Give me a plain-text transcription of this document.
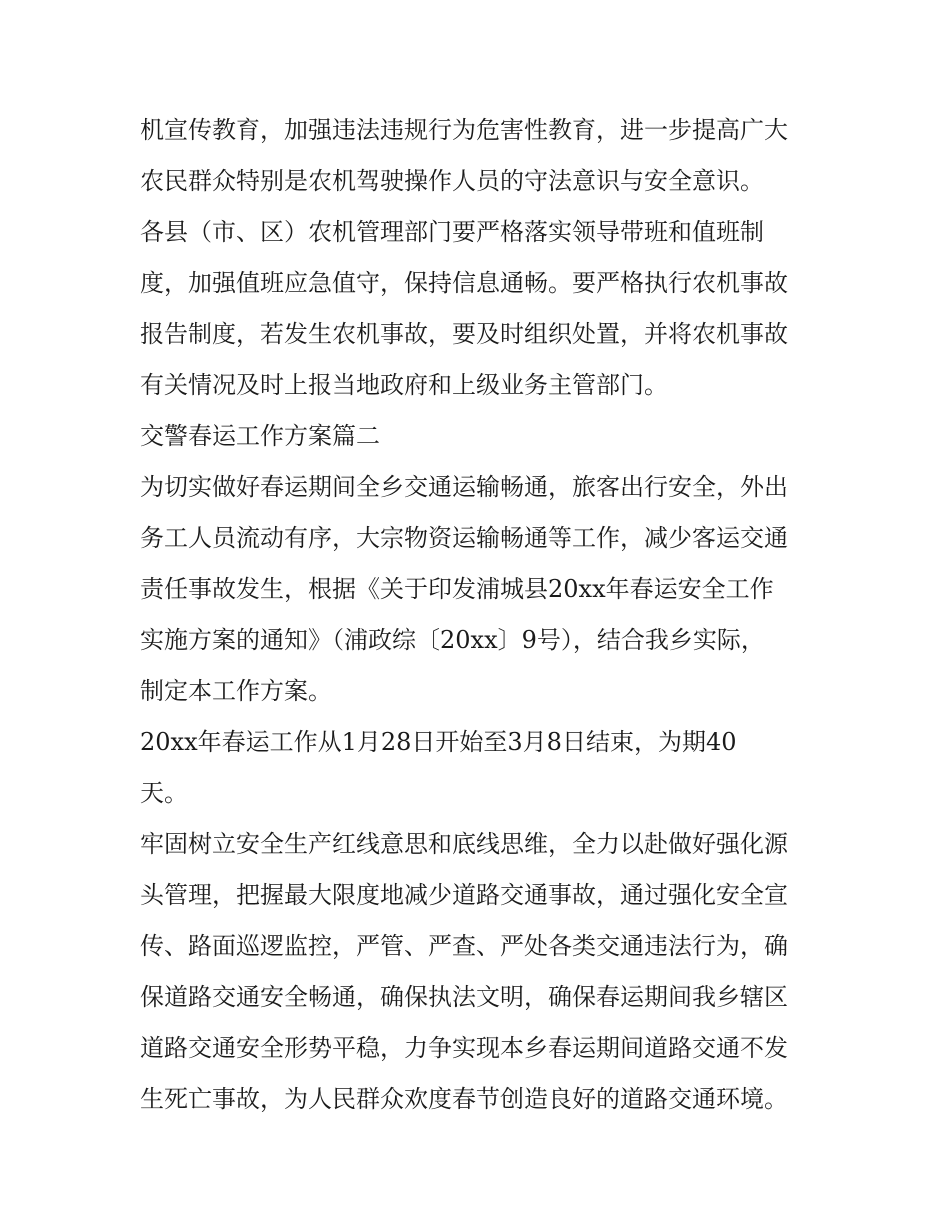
机宣传教育，加强违法违规行为危害性教育，进一步提高广大
农民群众特别是农机驾驶操作人员的守法意识与安全意识。
各县（市、区）农机管理部门要严格落实领导带班和值班制
度，加强值班应急值守，保持信息通畅。要严格执行农机事故
报告制度，若发生农机事故，要及时组织处置，并将农机事故
有关情况及时上报当地政府和上级业务主管部门。
交警春运工作方案篇二
为切实做好春运期间全乡交通运输畅通，旅客出行安全，外出
务工人员流动有序，大宗物资运输畅通等工作，减少客运交通
责任事故发生，根据《关于印发浦城县20xx年春运安全工作
实施方案的通知》（浦政综〔20xx〕9号），结合我乡实际，
制定本工作方案。
20xx年春运工作从1月28日开始至3月8日结束，为期40
天。
牢固树立安全生产红线意思和底线思维，全力以赴做好强化源
头管理，把握最大限度地减少道路交通事故，通过强化安全宣
传、路面巡逻监控，严管、严查、严处各类交通违法行为，确
保道路交通安全畅通，确保执法文明，确保春运期间我乡辖区
道路交通安全形势平稳，力争实现本乡春运期间道路交通不发
生死亡事故，为人民群众欢度春节创造良好的道路交通环境。
